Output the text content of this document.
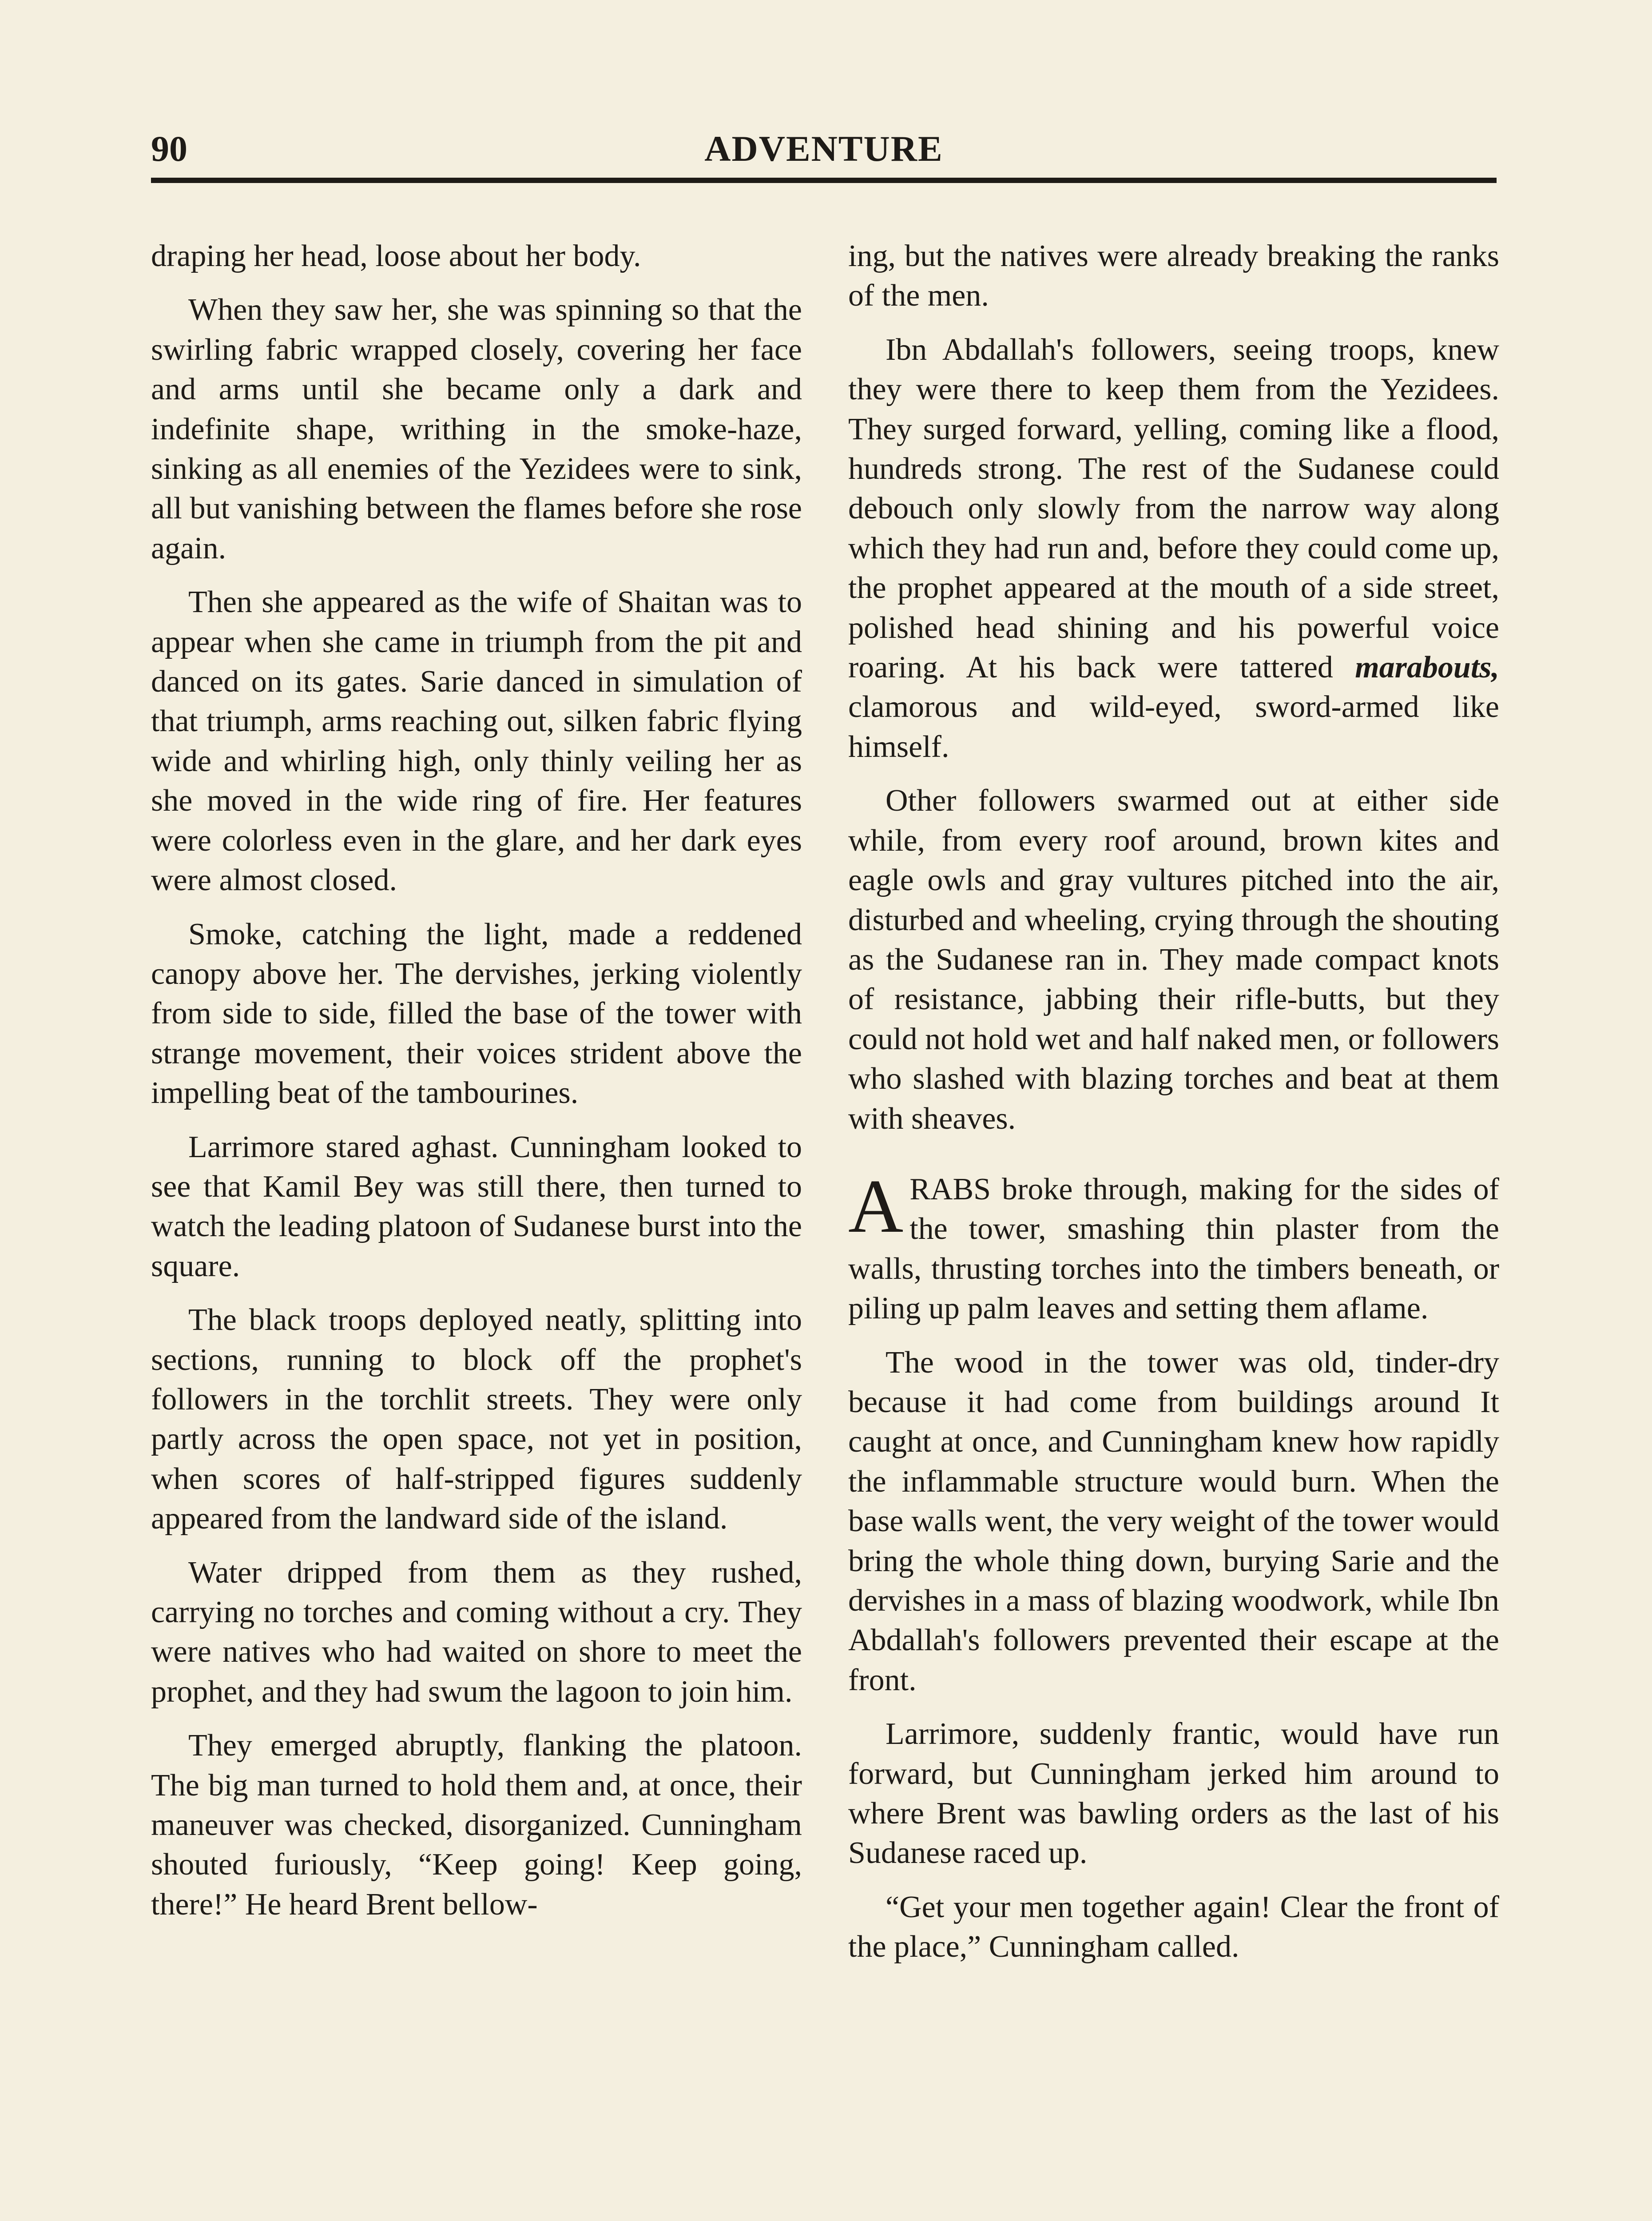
90	ADVENTURE

draping her head, loose about her body.

When they saw her, she was spinning so that the swirling fabric wrapped closely, covering her face and arms until she became only a dark and indefinite shape, writhing in the smoke-haze, sinking as all enemies of the Yezidees were to sink, all but vanishing between the flames before she rose again.

Then she appeared as the wife of Shaitan was to appear when she came in triumph from the pit and danced on its gates. Sarie danced in simulation of that triumph, arms reaching out, silken fabric flying wide and whirling high, only thinly veiling her as she moved in the wide ring of fire. Her features were colorless even in the glare, and her dark eyes were almost closed.

Smoke, catching the light, made a reddened canopy above her. The dervishes, jerking violently from side to side, filled the base of the tower with strange movement, their voices strident above the impelling beat of the tambourines.

Larrimore stared aghast. Cunningham looked to see that Kamil Bey was still there, then turned to watch the leading platoon of Sudanese burst into the square.

The black troops deployed neatly, splitting into sections, running to block off the prophet's followers in the torchlit streets. They were only partly across the open space, not yet in position, when scores of half-stripped figures suddenly appeared from the landward side of the island.

Water dripped from them as they rushed, carrying no torches and coming without a cry. They were natives who had waited on shore to meet the prophet, and they had swum the lagoon to join him.

They emerged abruptly, flanking the platoon. The big man turned to hold them and, at once, their maneuver was checked, disorganized. Cunningham shouted furiously, “Keep going! Keep going, there!” He heard Brent bellow-

ing, but the natives were already breaking the ranks of the men.

Ibn Abdallah's followers, seeing troops, knew they were there to keep them from the Yezidees. They surged forward, yelling, coming like a flood, hundreds strong. The rest of the Sudanese could debouch only slowly from the narrow way along which they had run and, before they could come up, the prophet appeared at the mouth of a side street, polished head shining and his powerful voice roaring. At his back were tattered marabouts, clamorous and wild-eyed, sword-armed like himself.

Other followers swarmed out at either side while, from every roof around, brown kites and eagle owls and gray vultures pitched into the air, disturbed and wheeling, crying through the shouting as the Sudanese ran in. They made compact knots of resistance, jabbing their rifle-butts, but they could not hold wet and half naked men, or followers who slashed with blazing torches and beat at them with sheaves.

ARABS broke through, making for the sides of the tower, smashing thin plaster from the walls, thrusting torches into the timbers beneath, or piling up palm leaves and setting them aflame.

The wood in the tower was old, tinder-dry because it had come from buildings around It caught at once, and Cunningham knew how rapidly the inflammable structure would burn. When the base walls went, the very weight of the tower would bring the whole thing down, burying Sarie and the dervishes in a mass of blazing woodwork, while Ibn Abdallah's followers prevented their escape at the front.

Larrimore, suddenly frantic, would have run forward, but Cunningham jerked him around to where Brent was bawling orders as the last of his Sudanese raced up.

“Get your men together again! Clear the front of the place,” Cunningham called.
